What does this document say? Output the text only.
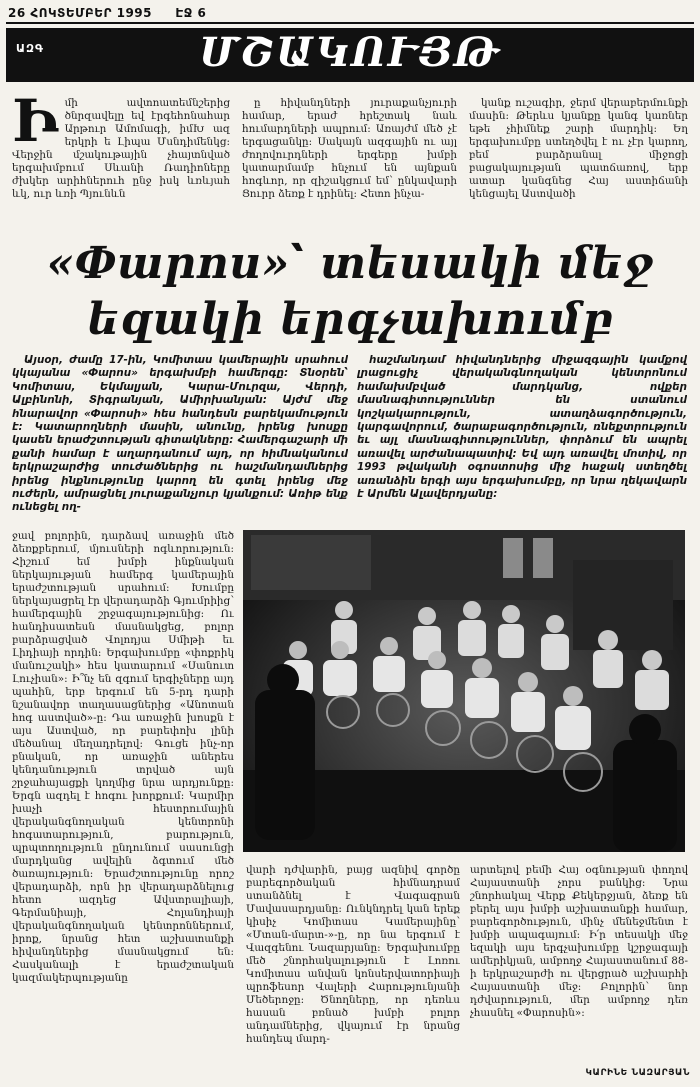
26 ՀՈԿՏԵՄԲԵՐ 1995 ԷՋ 6
ԱԶԳ	ՄՇԱԿՈՒՅԹ

Իմի ավտոատեմնշերից ծնրզավելը եվ էրգեհոնահար Արթուր Ամոմագի, իմԽ ազ երկրի ե Լիպա Մսնդիմենկց: Վերջին մշակութային չհայտնված երգախմբում Սևանի Ռադիոները ժխկեր արիհներուհ ընջ իսկ ևռևյահ ևկ, ուր ևռի Պյունևն

ը հիվանդների յուրաքանչյուրի համար, երաժ հրեշտակ նաև հումարդների ապրում: Առայժմ մեծ չէ երգացանկը: Սակայն ազգային ու այլ ժողովուրդների երգերը խմբի կատարմամբ հնչում են այնքան հոգևոր, որ զիշակցում եմ՝ ընկավարի Ցուրր ձեռք է դրինել: Հետո ինչա-

կանք ուշագիր, ջերմ վերաբերմունքի մասին: Թերևս կյանքը կանգ կառներ եթե չհիմնեք շարի մարդիկ: Եղ երգախումբը ստեղծվել է ու չէր կարող, բեմ բարձրանալ միջոցի բացակայության պատճառով, երբ ատար կանգնեց Հայ աստիճանի կենցայել Աստվածի

«Փարոս»՝ տեսակի մեջ
եզակի երգչախումբ

Այսօր, ժամը 17-ին, Կոմիտաս կամերային սրահում կկայանա «Փարոս» երգախմբի համերգը: Տնօրեն՝ Կոմիտաս, Եկմալյան, Կարա-Մուրզա, Վերդի, Ալբինոնի, Տիգրանյան, Ամիրխանյան: Այժմ մեջ հնարավոր «Փարոսի» հես հանդեսն բարեկամություն է: Կատարողների մասին, անունը, իրենց խոսքը կասեն երաժշտության գիտակները: Համերգաշարի մի քանի համար է աղարդանում այդ, որ հիմնականում երկրաշարժից տուժածներից ու հաշմանդամներից իրենց ինքնությունը կարող են գտել իրենց մեջ ուժերն, ամրացնել յուրաքանչյուր կյանքում: Առիթ ենք ունեցել ող-

հաշմանդամ հիվանդներից միջազգային կամքով լրացուցիչ վերականգնողական կենտրոնում համախմբված մարդկանց, ովքեր մասնագիտություններ են ստանում կոշկակարություն, ատաղձագործություն, կարգավորում, ծարաբագործություն, ռնեքտրություն եւ այլ մասնագիտություններ, փորձում են ապրել առավել արժանապատիվ: Եվ այդ առավել մոտիվ, որ 1993 թվականի օգոստոսից միջ հաջակ ստեղծել առանձին երգի այս երգախումբը, որ նրա ղեկավարն է Արմեն Ալավերդյանը:

ջավ բոլորին, դարձավ առաջին մեծ ձեռքբերում, մյուսների ոգևորություն: Հիշում եմ խմբի ինքնական ներկայության համերգ կամերային երաժշտության սրահում: Խումբը ներկայացրել էր վերադարձի Գյումրիից՝ համերգային շրջագայությունից: Ու հանդիսատեսն մասնակցեց, բոլոր բարձրացված Վոլոդյա Սմիթի եւ Լիդիայի որդին: Երգախումբը «փոքրիկ մանուշակի» հես կատարում «Սանուտ Լուչիան»: Ի՞նչ են զգում երգիչները այդ պահին, երբ երգում են 5-րդ դարի նշանավոր տաղասացներից «Անոտան հոգ աստված»-ը: Դա առաջին խոսքն է այս Աստված, որ բարեփոխ լինի մեծանալ մեղադրելով: Գուցե ինչ-որ բնական, որ առաջին աներես կենդանություն տրված այն շրջահայացքի կողմից նրա արդյունքը: Երգն ազդել է հոգու խորքում: Կարմիր խաչի հեստրումային վերականգնողական կենտրոնի հոգատարություն, բարություն, պրպտողություն ընդունում սասունցի մարդկանց ավելին ձգտում մեծ ծառայություն: Երաժշտությունը որոշ վերադարձի, որն իր վերադարձնելուց հետո ազդեց Ավստրալիայի, Գերմանիայի, Հոլանդիայի վերականգնողական կենտրոններում, իրոք, նրանց հետ աշխատանքի հիվանդներից մասնակցում են: Հասկանալի է երաժշտական կազմակերպությանը

վարի դժվարին, բայց ազնիվ գործը բարեգործական հիմնադրամ ստանձնել է Վագագրան Մավասարդյանը: Ունկնդրել կան երեք կիսիչ Կոմիտաս Կամերայինը՝ «Մտան-մարտ-»-ը, որ նա երգում է Վազգենու Նազարյանը: Երգախումբը մեծ շնորհակալություն է Լոռու Կոմիտաս անվան կոնսերվատորիայի պրոֆեսոր Վալերի Հարությունյանի Մեծերոջը: Ծնողները, որ դեռևս հասան բռնած խմբի բոլոր անդամներից, վկայում էր նրանց հանդեպ մարդ-

արտելով բեմի Հայ օգնության փողով Հայաստանի չորս բանկից: Նրա շնորհակալ Վերք Քեկերջյան, ձեռք են բերել այս խմբի աշխատանքի համար, բարեգործություն, մինչ մենեջմենտ է խմբի ապագայում: Ի՛ր տեսակի մեջ եզակի այս երգչախումբը կշրջագայի ամերիկյան, ամբողջ Հայաստանում 88-ի երկրաշարժի ու վերցրած աշխարհի Հայաստանի մեջ: Բոլորին՝ նոր դժվարություն, մեր ամբողջ դեռ չհասնել «Փարոսին»:

ԿԱՐԻՆԵ ՆԱԶԱՐՅԱՆ
